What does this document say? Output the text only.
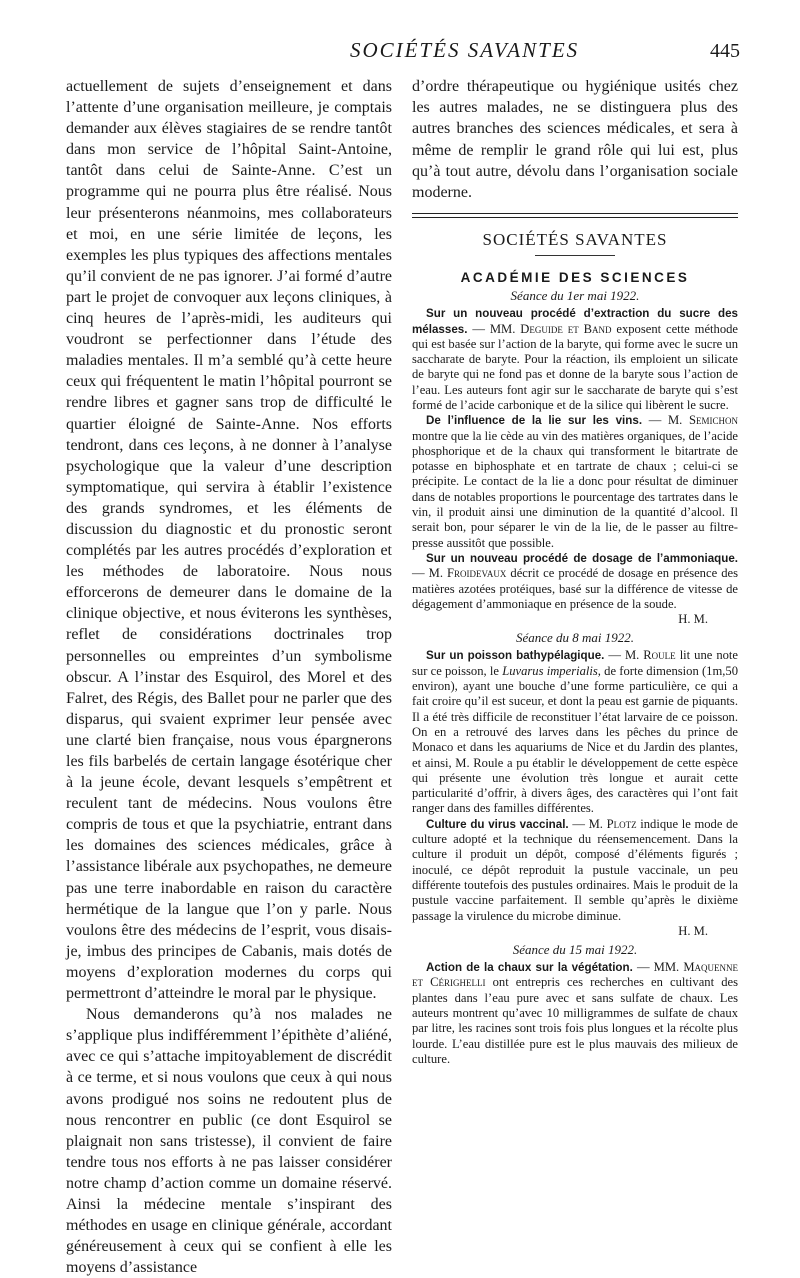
SOCIÉTÉS SAVANTES	445

actuellement de sujets d’enseignement et dans l’attente d’une organisation meilleure, je comptais demander aux élèves stagiaires de se rendre tantôt dans mon service de l’hôpital Saint-Antoine, tantôt dans celui de Sainte-Anne. C’est un programme qui ne pourra plus être réalisé. Nous leur présenterons néanmoins, mes collaborateurs et moi, en une série limitée de leçons, les exemples les plus typiques des affections mentales qu’il convient de ne pas ignorer. J’ai formé d’autre part le projet de convoquer aux leçons cliniques, à cinq heures de l’après-midi, les auditeurs qui voudront se perfectionner dans l’étude des maladies mentales. Il m’a semblé qu’à cette heure ceux qui fréquentent le matin l’hôpital pourront se rendre libres et gagner sans trop de difficulté le quartier éloigné de Sainte-Anne. Nos efforts tendront, dans ces leçons, à ne donner à l’analyse psychologique que la valeur d’une description symptomatique, qui servira à établir l’existence des grands syndromes, et les éléments de discussion du diagnostic et du pronostic seront complétés par les autres procédés d’exploration et les méthodes de laboratoire. Nous nous efforcerons de demeurer dans le domaine de la clinique objective, et nous éviterons les synthèses, reflet de considérations doctrinales trop personnelles ou empreintes d’un symbolisme obscur. A l’instar des Esquirol, des Morel et des Falret, des Régis, des Ballet pour ne parler que des disparus, qui svaient exprimer leur pensée avec une clarté bien française, nous vous épargnerons les fils barbelés de certain langage ésotérique cher à la jeune école, devant lesquels s’empêtrent et reculent tant de médecins. Nous voulons être compris de tous et que la psychiatrie, entrant dans les domaines des sciences médicales, grâce à l’assistance libérale aux psychopathes, ne demeure pas une terre inabordable en raison du caractère hermétique de la langue que l’on y parle. Nous voulons être des médecins de l’esprit, vous disais-je, imbus des principes de Cabanis, mais dotés de moyens d’exploration modernes du corps qui permettront d’atteindre le moral par le physique.

Nous demanderons qu’à nos malades ne s’applique plus indifféremment l’épithète d’aliéné, avec ce qui s’attache impitoyablement de discrédit à ce terme, et si nous voulons que ceux à qui nous avons prodigué nos soins ne redoutent plus de nous rencontrer en public (ce dont Esquirol se plaignait non sans tristesse), il convient de faire tendre tous nos efforts à ne pas laisser considérer notre champ d’action comme un domaine réservé. Ainsi la médecine mentale s’inspirant des méthodes en usage en clinique générale, accordant généreusement à ceux qui se confient à elle les moyens d’assistance

d’ordre thérapeutique ou hygiénique usités chez les autres malades, ne se distinguera plus des autres branches des sciences médicales, et sera à même de remplir le grand rôle qui lui est, plus qu’à tout autre, dévolu dans l’organisation sociale moderne.

SOCIÉTÉS SAVANTES
ACADÉMIE DES SCIENCES
Séance du 1er mai 1922.

Sur un nouveau procédé d’extraction du sucre des mélasses. — MM. Deguide et Band exposent cette méthode qui est basée sur l’action de la baryte, qui forme avec le sucre un saccharate de baryte. Pour la réaction, ils emploient un silicate de baryte qui ne fond pas et donne de la baryte sous l’action de l’eau. Les auteurs font agir sur le saccharate de baryte qui s’est formé de l’acide carbonique et de la silice qui libèrent le sucre.

De l’influence de la lie sur les vins. — M. Semichon montre que la lie cède au vin des matières organiques, de l’acide phosphorique et de la chaux qui transforment le bitartrate de potasse en biphosphate et en tartrate de chaux ; celui-ci se précipite. Le contact de la lie a donc pour résultat de diminuer dans de notables proportions le pourcentage des tartrates dans le vin, il produit ainsi une diminution de la quantité d’alcool. Il serait bon, pour séparer le vin de la lie, de le passer au filtre-presse aussitôt que possible.

Sur un nouveau procédé de dosage de l’ammoniaque. — M. Froidevaux décrit ce procédé de dosage en présence des matières azotées protéiques, basé sur la différence de vitesse de dégagement d’ammoniaque en présence de la soude.
H. M.

Séance du 8 mai 1922.

Sur un poisson bathypélagique. — M. Roule lit une note sur ce poisson, le Luvarus imperialis, de forte dimension (1m,50 environ), ayant une bouche d’une forme particulière, ce qui a fait croire qu’il est suceur, et dont la peau est garnie de piquants. Il a été très difficile de reconstituer l’état larvaire de ce poisson. On en a retrouvé des larves dans les pêches du prince de Monaco et dans les aquariums de Nice et du Jardin des plantes, et ainsi, M. Roule a pu établir le développement de cette espèce qui présente une évolution très longue et aurait cette particularité d’offrir, à divers âges, des caractères qui l’ont fait ranger dans des familles différentes.

Culture du virus vaccinal. — M. Plotz indique le mode de culture adopté et la technique du réensemencement. Dans la culture il produit un dépôt, composé d’éléments figurés ; inoculé, ce dépôt reproduit la pustule vaccinale, un peu différente toutefois des pustules ordinaires. Mais le produit de la pustule vaccine parfaitement. Il semble qu’après le dixième passage la virulence du microbe diminue.
H. M.

Séance du 15 mai 1922.

Action de la chaux sur la végétation. — MM. Maquenne et Cérighelli ont entrepris ces recherches en cultivant des plantes dans l’eau pure avec et sans sulfate de chaux. Les auteurs montrent qu’avec 10 milligrammes de sulfate de chaux par litre, les racines sont trois fois plus longues et la récolte plus lourde. L’eau distillée pure est le plus mauvais des milieux de culture.
